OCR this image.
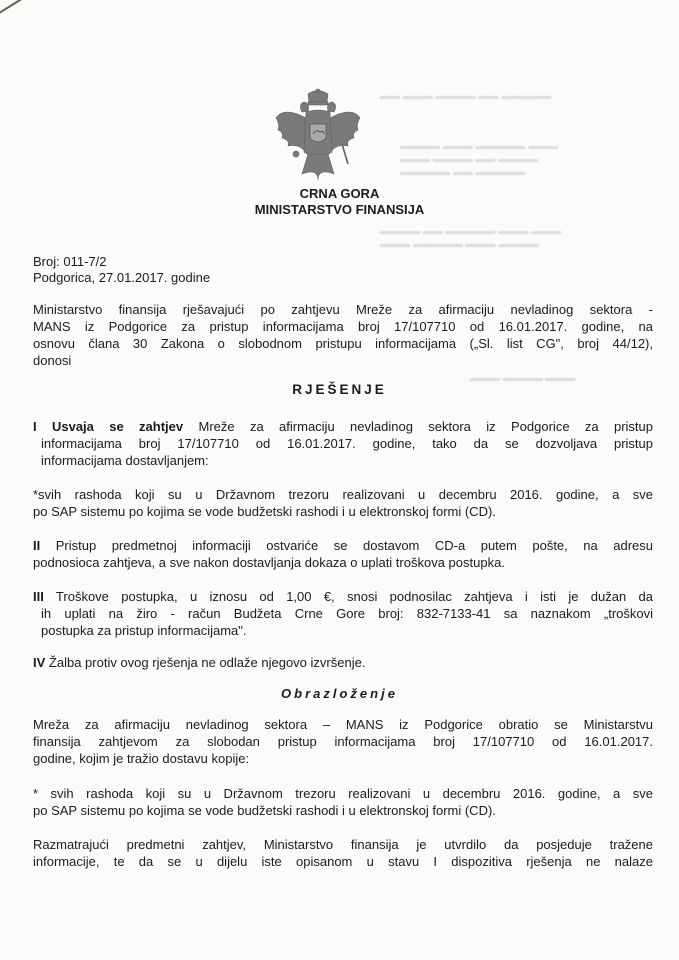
▬▬ ▬▬▬ ▬▬▬▬ ▬▬ ▬▬▬▬▬
▬▬▬▬ ▬▬▬ ▬▬▬▬▬ ▬▬▬
▬▬▬ ▬▬▬▬ ▬▬ ▬▬▬▬
▬▬▬▬▬ ▬▬ ▬▬▬▬▬
▬▬▬▬ ▬▬ ▬▬▬▬▬ ▬▬▬ ▬▬▬
▬▬▬ ▬▬▬▬▬ ▬▬▬ ▬▬▬▬
▬▬▬ ▬▬▬▬ ▬▬▬
CRNA GORA
MINISTARSTVO FINANSIJA
Broj: 011-7/2
Podgorica, 27.01.2017. godine
Ministarstvo finansija rješavajući po zahtjevu Mreže za afirmaciju nevladinog sektora -
MANS iz Podgorice za pristup informacijama broj 17/107710 od 16.01.2017. godine, na
osnovu člana 30 Zakona o slobodnom pristupu informacijama („Sl. list CG", broj 44/12),
donosi
RJEŠENJE
I Usvaja se zahtjev Mreže za afirmaciju nevladinog sektora iz Podgorice za pristup
informacijama broj 17/107710 od 16.01.2017. godine, tako da se dozvoljava pristup
informacijama dostavljanjem:
*svih rashoda koji su u Državnom trezoru realizovani u decembru 2016. godine, a sve
po SAP sistemu po kojima se vode budžetski rashodi i u elektronskoj formi (CD).
II Pristup predmetnoj informaciji ostvariće se dostavom CD-a putem pošte, na adresu
podnosioca zahtjeva, a sve nakon dostavljanja dokaza o uplati troškova postupka.
III Troškove postupka, u iznosu od 1,00 €, snosi podnosilac zahtjeva i isti je dužan da
ih uplati na žiro - račun Budžeta Crne Gore broj: 832-7133-41 sa naznakom „troškovi
postupka za pristup informacijama".
IV Žalba protiv ovog rješenja ne odlaže njegovo izvršenje.
Obrazloženje
Mreža za afirmaciju nevladinog sektora – MANS iz Podgorice obratio se Ministarstvu
finansija zahtjevom za slobodan pristup informacijama broj 17/107710 od 16.01.2017.
godine, kojim je tražio dostavu kopije:
* svih rashoda koji su u Državnom trezoru realizovani u decembru 2016. godine, a sve
po SAP sistemu po kojima se vode budžetski rashodi i u elektronskoj formi (CD).
Razmatrajući predmetni zahtjev, Ministarstvo finansija je utvrdilo da posjeduje tražene
informacije, te da se u dijelu iste opisanom u stavu I dispozitiva rješenja ne nalaze
